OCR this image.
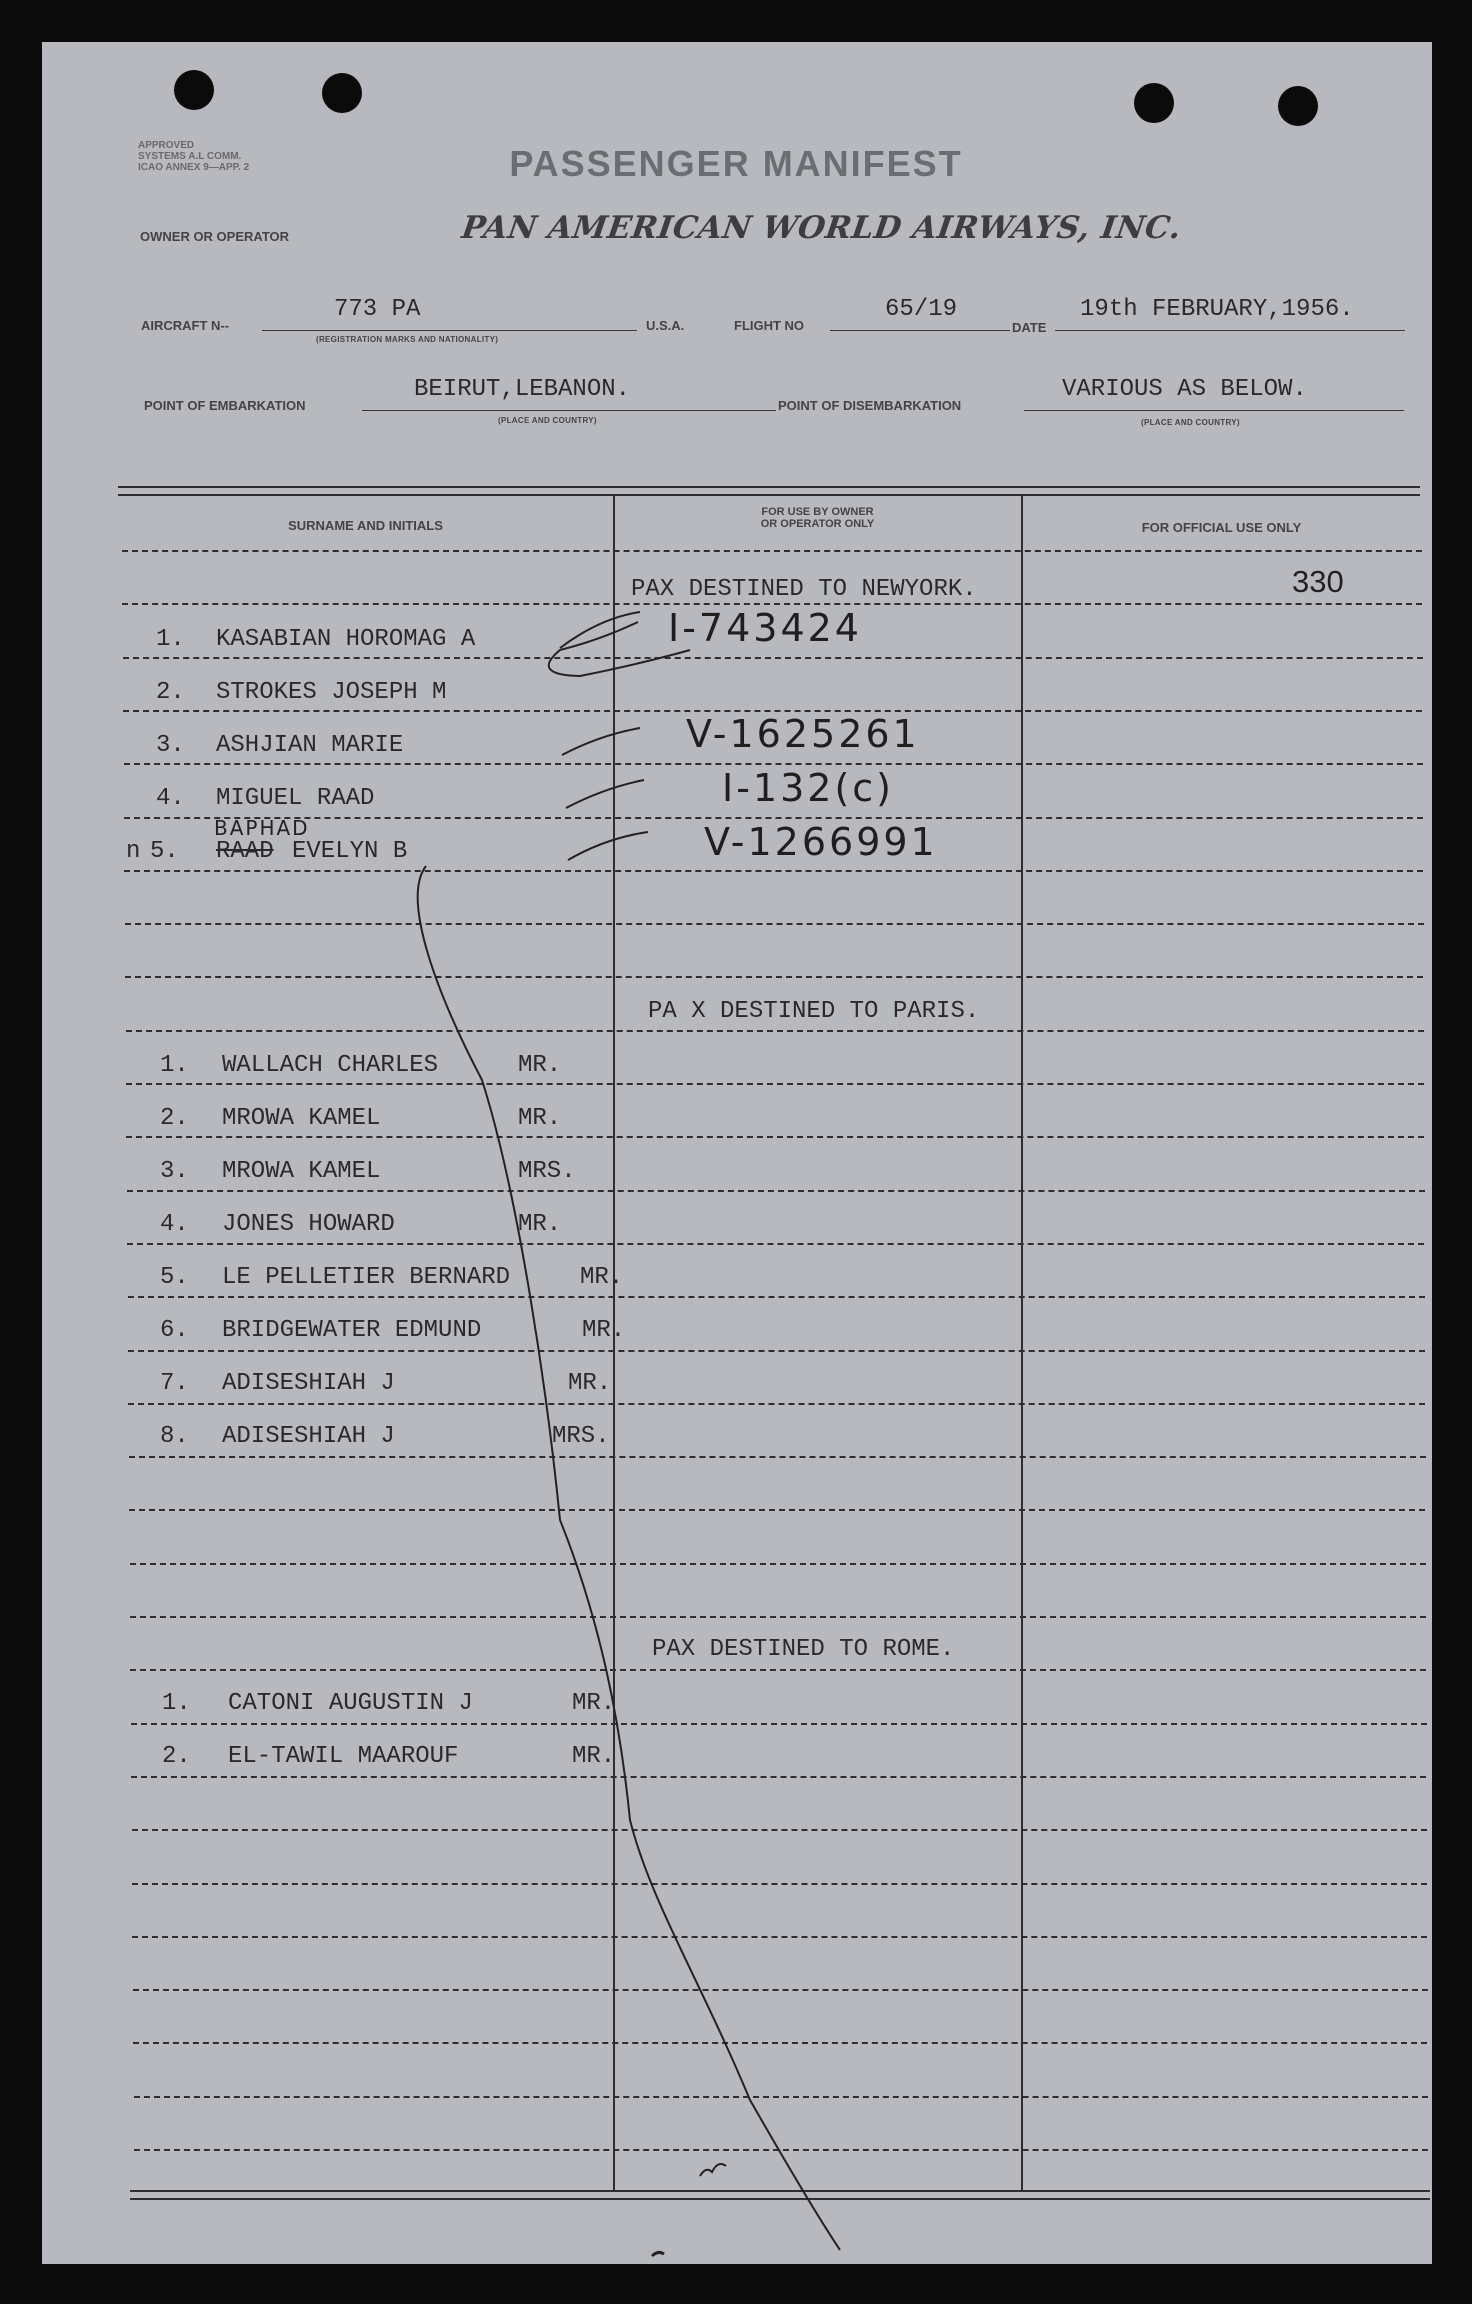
APPROVED
SYSTEMS A.L COMM.
ICAO ANNEX 9—APP. 2	PASSENGER MANIFEST
OWNER OR OPERATOR	PAN AMERICAN WORLD AIRWAYS, INC.
AIRCRAFT N--
773 PA
(REGISTRATION MARKS AND NATIONALITY)
U.S.A.	FLIGHT NO
65/19
DATE
19th FEBRUARY,1956.
POINT OF EMBARKATION
BEIRUT,LEBANON.
(PLACE AND COUNTRY)
POINT OF DISEMBARKATION
VARIOUS AS BELOW.
(PLACE AND COUNTRY)
SURNAME AND INITIALS
FOR USE BY OWNER
OR OPERATOR ONLY	FOR OFFICIAL USE ONLY
330
PAX DESTINED TO NEWYORK.
1. KASABIAN HOROMAG A	I-743424
2. STROKES JOSEPH M
3. ASHJIAN MARIE	V-1625261
4. MIGUEL RAAD	I-132(c)
n 5. RAAD
BAPHAD
EVELYN B	V-1266991
PA X DESTINED TO PARIS.
1. WALLACH CHARLES	MR.
2. MROWA KAMEL	MR.
3. MROWA KAMEL	MRS.
4. JONES HOWARD	MR.
5. LE PELLETIER BERNARD	MR.
6. BRIDGEWATER EDMUND	MR.
7. ADISESHIAH J	MR.
8. ADISESHIAH J	MRS.
PAX DESTINED TO ROME.
1. CATONI AUGUSTIN J	MR.
2. EL-TAWIL MAAROUF	MR.
